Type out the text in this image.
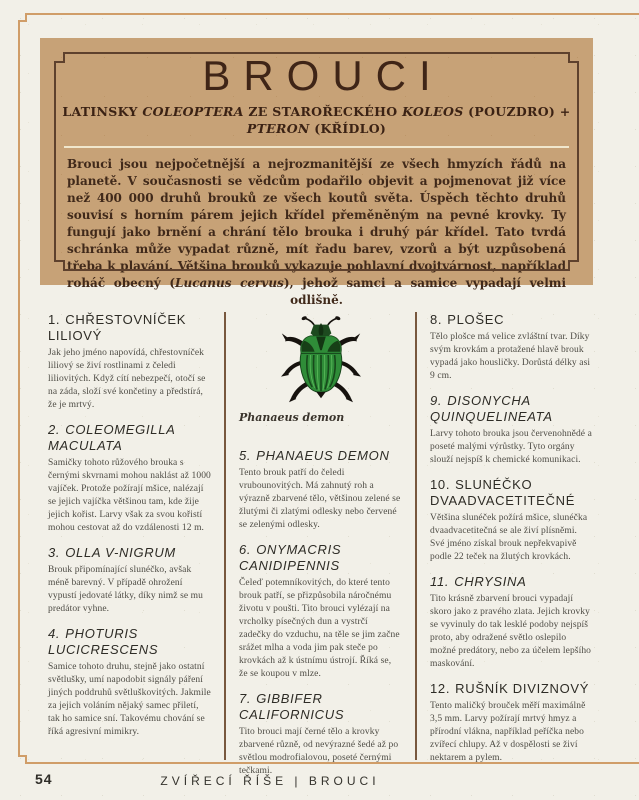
BROUCI

LATINSKY COLEOPTERA ZE STAROŘECKÉHO KOLEOS (POUZDRO) + PTERON (KŘÍDLO)

Brouci jsou nejpočetnější a nejrozmanitější ze všech hmyzích řádů na planetě. V současnosti se vědcům podařilo objevit a pojmenovat již více než 400 000 druhů brouků ze všech koutů světa. Úspěch těchto druhů souvisí s horním párem jejich křídel přeměněným na pevné krovky. Ty fungují jako brnění a chrání tělo brouka i druhý pár křídel. Tato tvrdá schránka může vypadat různě, mít řadu barev, vzorů a být uzpůsobená třeba k plavání. Většina brouků vykazuje pohlavní dvojtvárnost, například roháč obecný (Lucanus cervus), jehož samci a samice vypadají velmi odlišně.

1. CHŘESTOVNÍČEK LILIOVÝ

Jak jeho jméno napovídá, chřestovníček liliový se živí rostlinami z čeledi liliovitých. Když cítí nebezpečí, otočí se na záda, složí své končetiny a předstírá, že je mrtvý.

2. COLEOMEGILLA MACULATA

Samičky tohoto růžového brouka s černými skvrnami mohou naklást až 1000 vajíček. Protože požírají mšice, nalézají se jejich vajíčka většinou tam, kde žije jejich kořist. Larvy však za svou kořistí mohou cestovat až do vzdálenosti 12 m.

3. OLLA V-NIGRUM

Brouk připomínající slunéčko, avšak méně barevný. V případě ohrožení vypustí jedovaté látky, díky nimž se mu predátor vyhne.

4. PHOTURIS LUCICRESCENS

Samice tohoto druhu, stejně jako ostatní světlušky, umí napodobit signály páření jiných poddruhů světluškovitých. Jakmile za jejich voláním nějaký samec přiletí, tak ho samice sní. Takovému chování se říká agresivní mimikry.

Phanaeus demon
5. PHANAEUS DEMON

Tento brouk patří do čeledi vrubounovitých. Má zahnutý roh a výrazně zbarvené tělo, většinou zelené se žlutými či zlatými odlesky nebo červené se zelenými odlesky.

6. ONYMACRIS CANIDIPENNIS

Čeleď potemníkovitých, do které tento brouk patří, se přizpůsobila náročnému životu v poušti. Tito brouci vylézají na vrcholky písečných dun a vystrčí zadečky do vzduchu, na těle se jim začne srážet mlha a voda jim pak steče po krovkách až k ústnímu ústrojí. Říká se, že se koupou v mlze.

7. GIBBIFER CALIFORNICUS

Tito brouci mají černé tělo a krovky zbarvené různě, od nevýrazné šedé až po světlou modrofialovou, poseté černými tečkami.

8. PLOŠEC

Tělo plošce má velice zvláštní tvar. Díky svým krovkám a protažené hlavě brouk vypadá jako housličky. Dorůstá délky asi 9 cm.

9. DISONYCHA QUINQUELINEATA

Larvy tohoto brouka jsou červenohnědé a poseté malými výrůstky. Tyto orgány slouží nejspíš k chemické komunikaci.

10. SLUNÉČKO DVAADVACETITEČNÉ

Většina slunéček požírá mšice, slunéčka dvaadvacetitečná se ale živí plísněmi. Své jméno získal brouk nepřekvapivě podle 22 teček na žlutých krovkách.

11. CHRYSINA

Tito krásně zbarvení brouci vypadají skoro jako z pravého zlata. Jejich krovky se vyvinuly do tak lesklé podoby nejspíš proto, aby odražené světlo oslepilo možné predátory, nebo za účelem lepšího maskování.

12. RUŠNÍK DIVIZNOVÝ

Tento maličký brouček měří maximálně 3,5 mm. Larvy požírají mrtvý hmyz a přírodní vlákna, například peříčka nebo zvířecí chlupy. Až v dospělosti se živí nektarem a pylem.

54	ZVÍŘECÍ ŘÍŠE | BROUCI
